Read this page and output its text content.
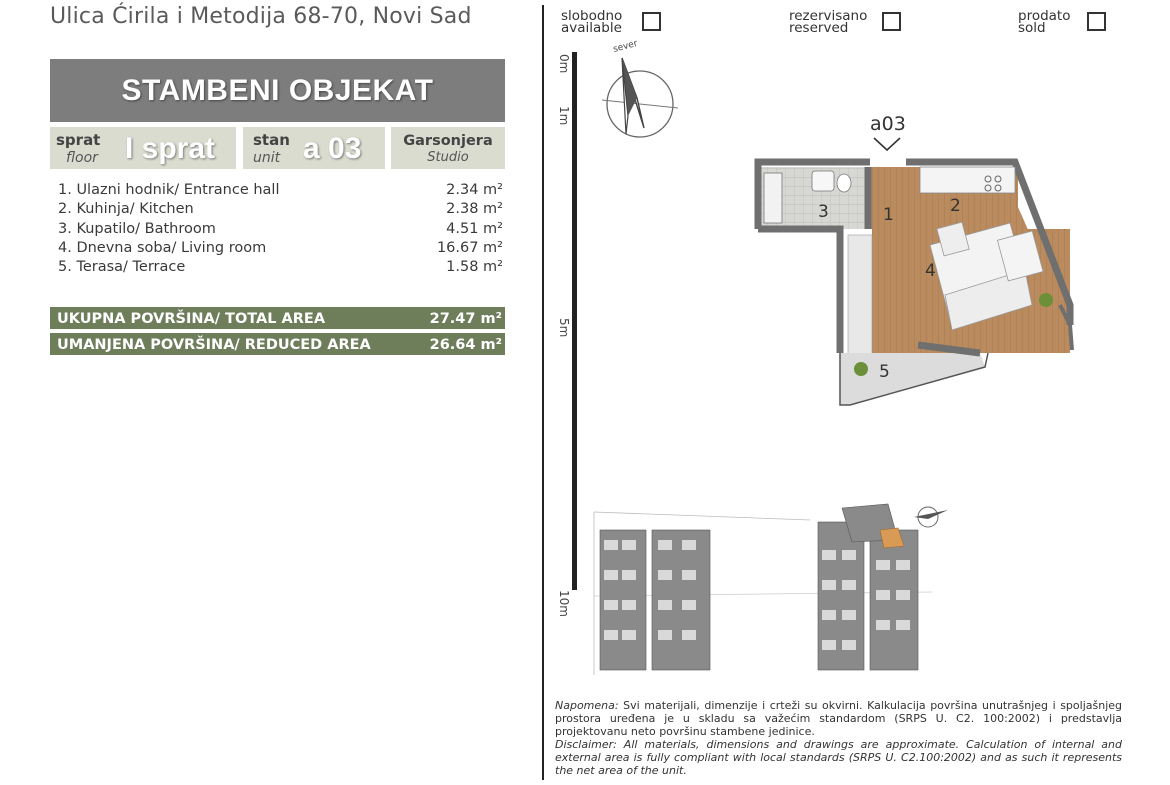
Ulica Ćirila i Metodija 68-70, Novi Sad
STAMBENI OBJEKAT
sprat
floor I sprat	stan
unit a 03	Garsonjera
Studio
1. Ulazni hodnik/ Entrance hall	2.34 m²
2. Kuhinja/ Kitchen	2.38 m²
3. Kupatilo/ Bathroom	4.51 m²
4. Dnevna soba/ Living room	16.67 m²
5. Terasa/ Terrace	1.58 m²
UKUPNA POVRŠINA/ TOTAL AREA	27.47 m²
UMANJENA POVRŠINA/ REDUCED AREA	26.64 m²
slobodno
available
rezervisano
reserved
prodato
sold
0m
1m
5m
10m
sever
a03
1	2
3
4
5

Napomena: Svi materijali, dimenzije i crteži su okvirni. Kalkulacija površina unutrašnjeg i spoljašnjeg prostora uređena je u skladu sa važećim standardom (SRPS U. C2. 100:2002) i predstavlja projektovanu neto površinu stambene jedinice.

Disclaimer: All materials, dimensions and drawings are approximate. Calculation of internal and external area is fully compliant with local standards (SRPS U. C2.100:2002) and as such it represents the net area of the unit.
